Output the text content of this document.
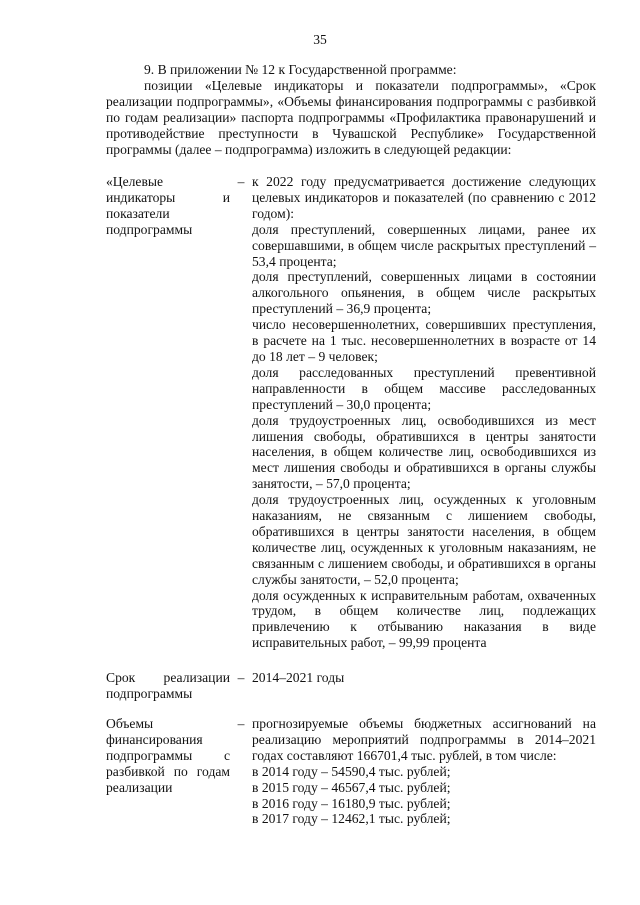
35

9. В приложении № 12 к Государственной программе:

позиции «Целевые индикаторы и показатели подпрограммы», «Срок реализации подпрограммы», «Объемы финансирования подпрограммы с разбивкой по годам реализации» паспорта подпрограммы «Профилактика правонарушений и противодействие преступности в Чувашской Республике» Государственной программы (далее – подпрограмма) изложить в следующей редакции:

«Целевые индикаторы и показатели подпрограммы
– к 2022 году предусматривается достижение следующих целевых индикаторов и показателей (по сравнению с 2012 годом):

доля преступлений, совершенных лицами, ранее их совершавшими, в общем числе раскрытых преступлений – 53,4 процента;

доля преступлений, совершенных лицами в состоянии алкогольного опьянения, в общем числе раскрытых преступлений – 36,9 процента;

число несовершеннолетних, совершивших преступления, в расчете на 1 тыс. несовершеннолетних в возрасте от 14 до 18 лет – 9 человек;

доля расследованных преступлений превентивной направленности в общем массиве расследованных преступлений – 30,0 процента;

доля трудоустроенных лиц, освободившихся из мест лишения свободы, обратившихся в центры занятости населения, в общем количестве лиц, освободившихся из мест лишения свободы и обратившихся в органы службы занятости, – 57,0 процента;

доля трудоустроенных лиц, осужденных к уголовным наказаниям, не связанным с лишением свободы, обратившихся в центры занятости населения, в общем количестве лиц, осужденных к уголовным наказаниям, не связанным с лишением свободы, и обратившихся в органы службы занятости, – 52,0 процента;

доля осужденных к исправительным работам, охваченных трудом, в общем количестве лиц, подлежащих привлечению к отбыванию наказания в виде исправительных работ, – 99,99 процента

Срок реализации подпрограммы
– 2014–2021 годы
Объемы финансирования подпрограммы с разбивкой по годам реализации
– прогнозируемые объемы бюджетных ассигнований на реализацию мероприятий подпрограммы в 2014–2021 годах составляют 166701,4 тыс. рублей, в том числе:

в 2014 году – 54590,4 тыс. рублей;

в 2015 году – 46567,4 тыс. рублей;

в 2016 году – 16180,9 тыс. рублей;

в 2017 году – 12462,1 тыс. рублей;
